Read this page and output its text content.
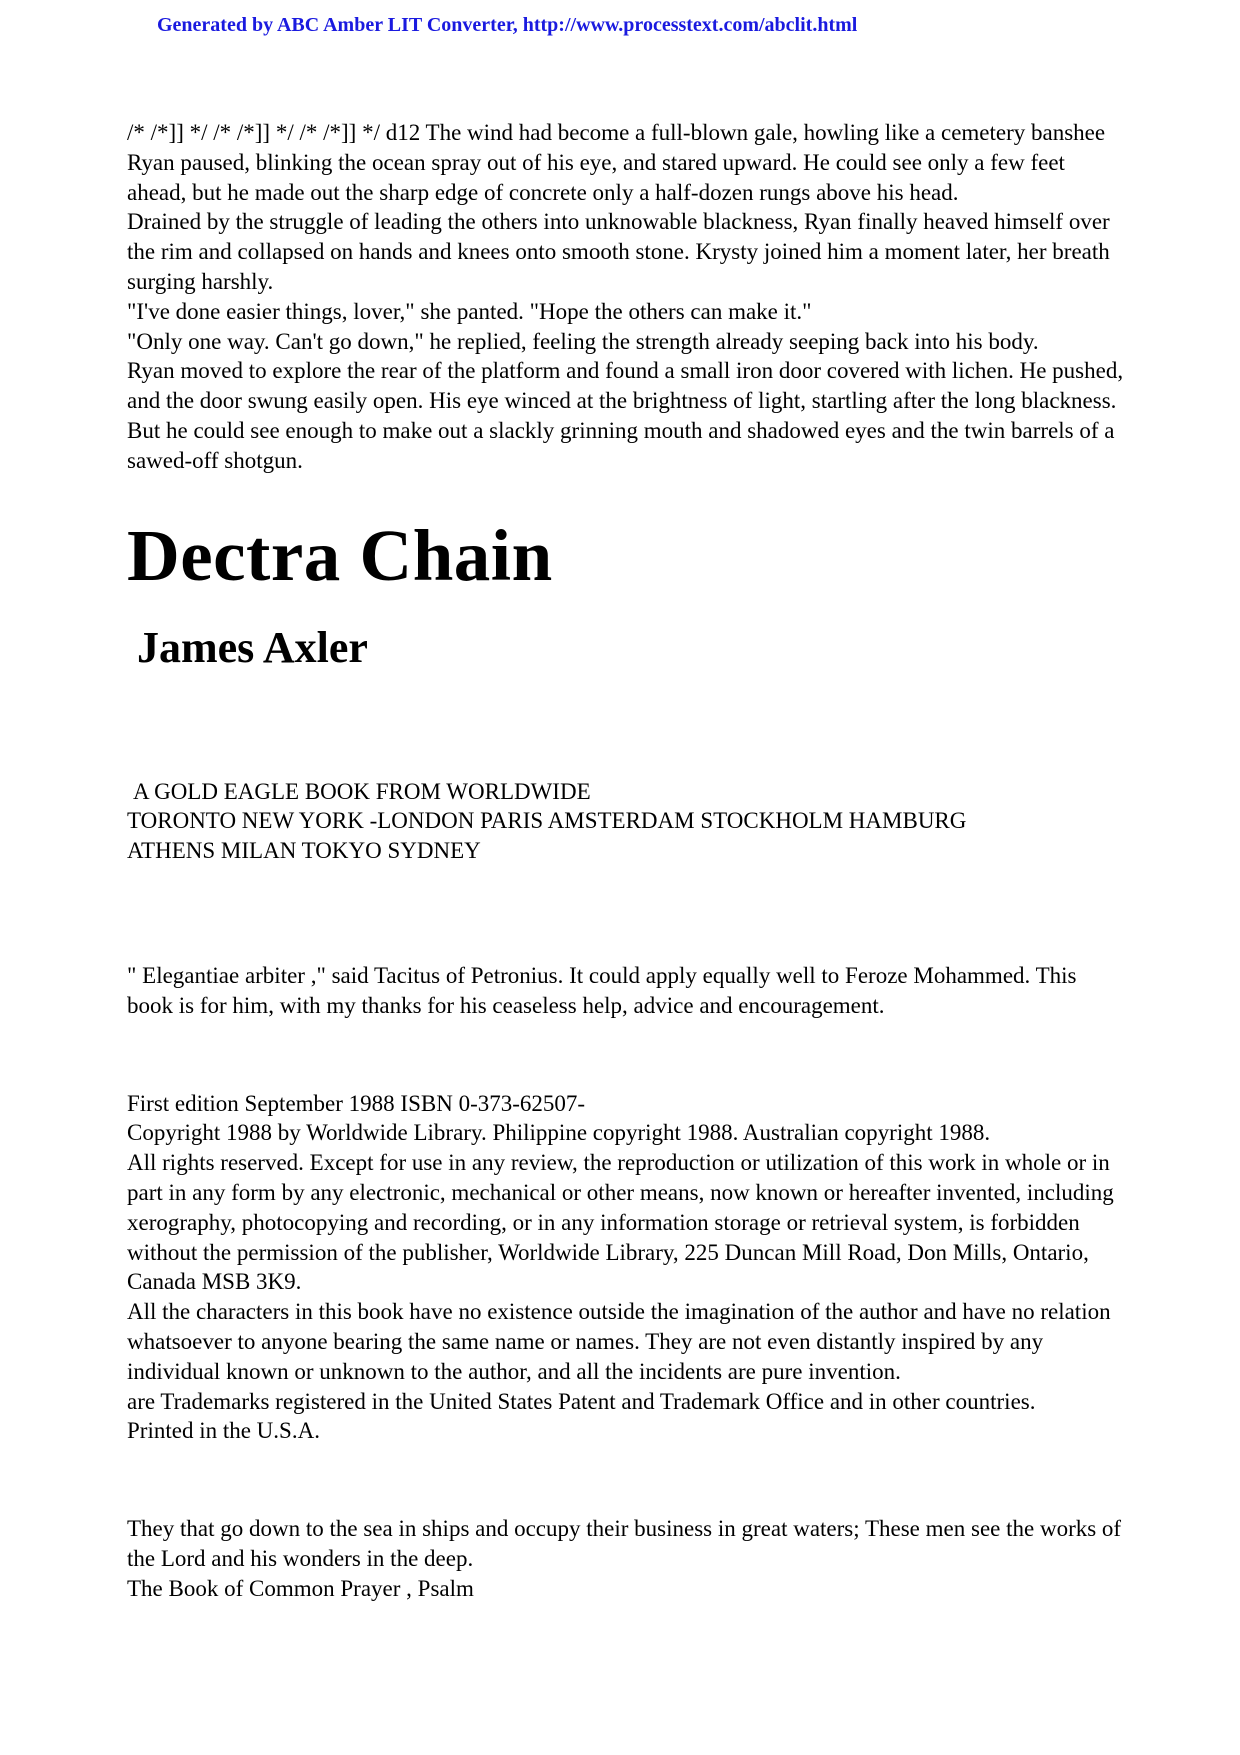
Generated by ABC Amber LIT Converter, http://www.processtext.com/abclit.html

/* /*]] */ /* /*]] */ /* /*]] */ d12 The wind had become a full-blown gale, howling like a cemetery banshee

Ryan paused, blinking the ocean spray out of his eye, and stared upward. He could see only a few feet ahead, but he made out the sharp edge of concrete only a half-dozen rungs above his head.

Drained by the struggle of leading the others into unknowable blackness, Ryan finally heaved himself over the rim and collapsed on hands and knees onto smooth stone. Krysty joined him a moment later, her breath surging harshly.

"I've done easier things, lover," she panted. "Hope the others can make it."

"Only one way. Can't go down," he replied, feeling the strength already seeping back into his body.

Ryan moved to explore the rear of the platform and found a small iron door covered with lichen. He pushed, and the door swung easily open. His eye winced at the brightness of light, startling after the long blackness.

But he could see enough to make out a slackly grinning mouth and shadowed eyes and the twin barrels of a sawed-off shotgun.

Dectra Chain
James Axler

A GOLD EAGLE BOOK FROM WORLDWIDE

TORONTO NEW YORK -LONDON PARIS AMSTERDAM STOCKHOLM HAMBURG

ATHENS MILAN TOKYO SYDNEY

" Elegantiae arbiter ," said Tacitus of Petronius. It could apply equally well to Feroze Mohammed. This book is for him, with my thanks for his ceaseless help, advice and encouragement.

First edition September 1988 ISBN 0-373-62507-

Copyright 1988 by Worldwide Library. Philippine copyright 1988. Australian copyright 1988.

All rights reserved. Except for use in any review, the reproduction or utilization of this work in whole or in part in any form by any electronic, mechanical or other means, now known or hereafter invented, including xerography, photocopying and recording, or in any information storage or retrieval system, is forbidden without the permission of the publisher, Worldwide Library, 225 Duncan Mill Road, Don Mills, Ontario, Canada MSB 3K9.

All the characters in this book have no existence outside the imagination of the author and have no relation whatsoever to anyone bearing the same name or names. They are not even distantly inspired by any individual known or unknown to the author, and all the incidents are pure invention.

are Trademarks registered in the United States Patent and Trademark Office and in other countries.

Printed in the U.S.A.

They that go down to the sea in ships and occupy their business in great waters; These men see the works of the Lord and his wonders in the deep.

The Book of Common Prayer , Psalm
